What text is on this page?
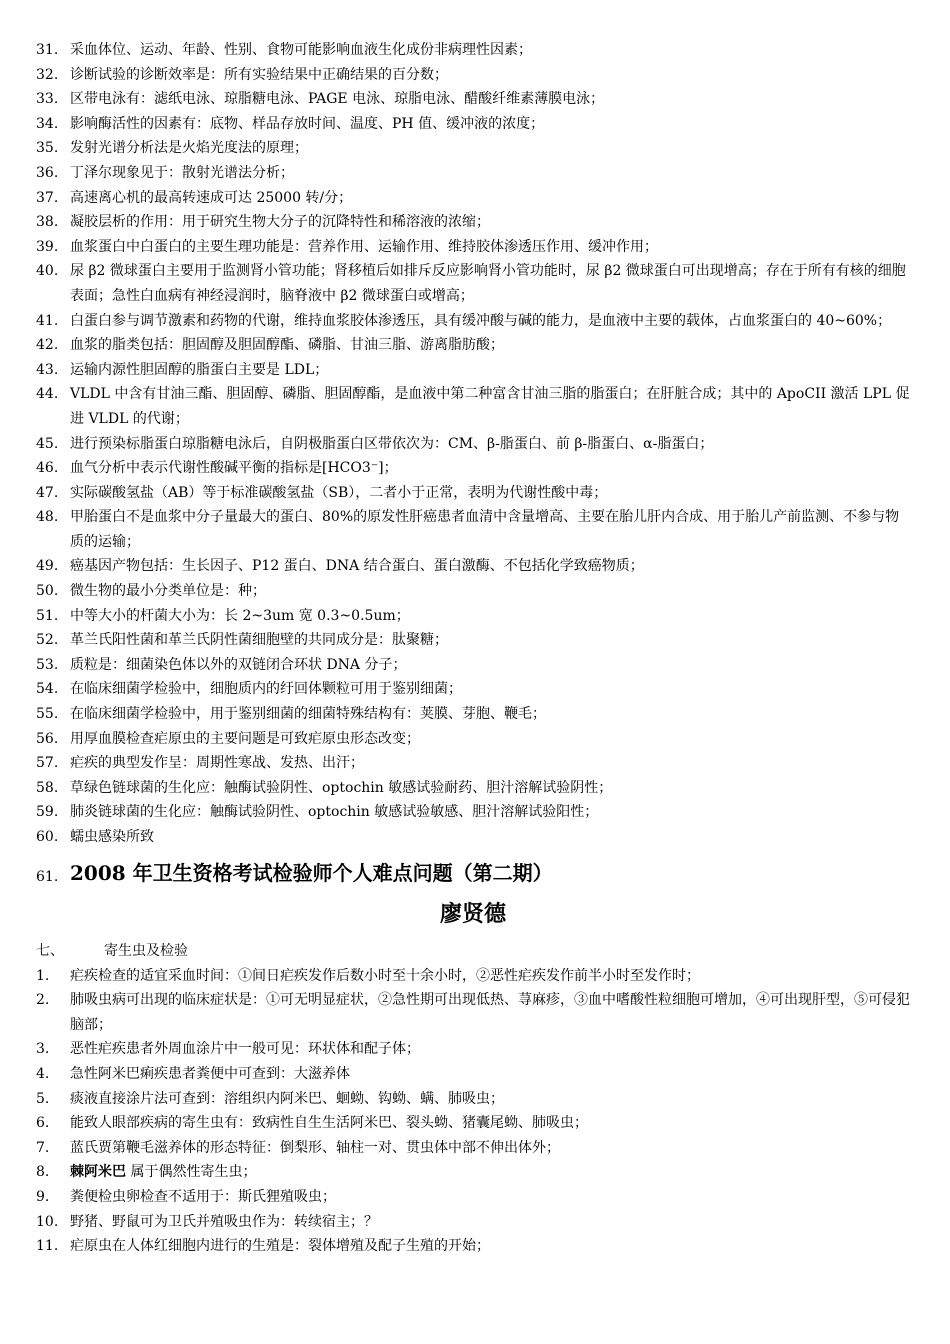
31. 采血体位、运动、年龄、性别、食物可能影响血液生化成份非病理性因素；
32. 诊断试验的诊断效率是：所有实验结果中正确结果的百分数；
33. 区带电泳有：滤纸电泳、琼脂糖电泳、PAGE 电泳、琼脂电泳、醋酸纤维素薄膜电泳；
34. 影响酶活性的因素有：底物、样品存放时间、温度、PH 值、缓冲液的浓度；
35. 发射光谱分析法是火焰光度法的原理；
36. 丁泽尔现象见于：散射光谱法分析；
37. 高速离心机的最高转速成可达 25000 转/分；
38. 凝胶层析的作用：用于研究生物大分子的沉降特性和稀溶液的浓缩；
39. 血浆蛋白中白蛋白的主要生理功能是：营养作用、运输作用、维持胶体渗透压作用、缓冲作用；
40. 尿 β2 微球蛋白主要用于监测肾小管功能；肾移植后如排斥反应影响肾小管功能时，尿 β2 微球蛋白可出现增高；存在于所有有核的细胞表面；急性白血病有神经浸润时，脑脊液中 β2 微球蛋白或增高；
41. 白蛋白参与调节激素和药物的代谢，维持血浆胶体渗透压，具有缓冲酸与碱的能力，是血液中主要的载体，占血浆蛋白的 40~60%；
42. 血浆的脂类包括：胆固醇及胆固醇酯、磷脂、甘油三脂、游离脂肪酸；
43. 运输内源性胆固醇的脂蛋白主要是 LDL；
44. VLDL 中含有甘油三酯、胆固醇、磷脂、胆固醇酯，是血液中第二种富含甘油三脂的脂蛋白；在肝脏合成；其中的 ApoCII 激活 LPL 促进 VLDL 的代谢；
45. 进行预染标脂蛋白琼脂糖电泳后，自阴极脂蛋白区带依次为：CM、β-脂蛋白、前 β-脂蛋白、α-脂蛋白；
46. 血气分析中表示代谢性酸碱平衡的指标是[HCO3⁻]；
47. 实际碳酸氢盐（AB）等于标准碳酸氢盐（SB），二者小于正常，表明为代谢性酸中毒；
48. 甲胎蛋白不是血浆中分子量最大的蛋白、80%的原发性肝癌患者血清中含量增高、主要在胎儿肝内合成、用于胎儿产前监测、不参与物质的运输；
49. 癌基因产物包括：生长因子、P12 蛋白、DNA 结合蛋白、蛋白激酶、不包括化学致癌物质；
50. 微生物的最小分类单位是：种；
51. 中等大小的杆菌大小为：长 2~3um 宽 0.3~0.5um；
52. 革兰氏阳性菌和革兰氏阴性菌细胞壁的共同成分是：肽聚糖；
53. 质粒是：细菌染色体以外的双链闭合环状 DNA 分子；
54. 在临床细菌学检验中，细胞质内的纡回体颗粒可用于鉴别细菌；
55. 在临床细菌学检验中，用于鉴别细菌的细菌特殊结构有：荚膜、芽胞、鞭毛；
56. 用厚血膜检查疟原虫的主要问题是可致疟原虫形态改变；
57. 疟疾的典型发作呈：周期性寒战、发热、出汗；
58. 草绿色链球菌的生化应：触酶试验阴性、optochin 敏感试验耐药、胆汁溶解试验阴性；
59. 肺炎链球菌的生化应：触酶试验阴性、optochin 敏感试验敏感、胆汁溶解试验阳性；
60. 蠕虫感染所致
61. 2008 年卫生资格考试检验师个人难点问题（第二期）
廖贤德
七、	寄生虫及检验
1.	疟疾检查的适宜采血时间：①间日疟疾发作后数小时至十余小时，②恶性疟疾发作前半小时至发作时；
2.	肺吸虫病可出现的临床症状是：①可无明显症状，②急性期可出现低热、荨麻疹，③血中嗜酸性粒细胞可增加，④可出现肝型，⑤可侵犯脑部；
3.	恶性疟疾患者外周血涂片中一般可见：环状体和配子体；
4.	急性阿米巴痢疾患者粪便中可查到：大滋养体
5.	痰液直接涂片法可查到：溶组织内阿米巴、蛔蚴、钩蚴、螨、肺吸虫；
6.	能致人眼部疾病的寄生虫有：致病性自生生活阿米巴、裂头蚴、猪囊尾蚴、肺吸虫；
7.	蓝氏贾第鞭毛滋养体的形态特征：倒梨形、轴柱一对、贯虫体中部不伸出体外；
8.	棘阿米巴 属于偶然性寄生虫；
9.	粪便检虫卵检查不适用于：斯氏狸殖吸虫；
10. 野猪、野鼠可为卫氏并殖吸虫作为：转续宿主；？
11. 疟原虫在人体红细胞内进行的生殖是：裂体增殖及配子生殖的开始；
